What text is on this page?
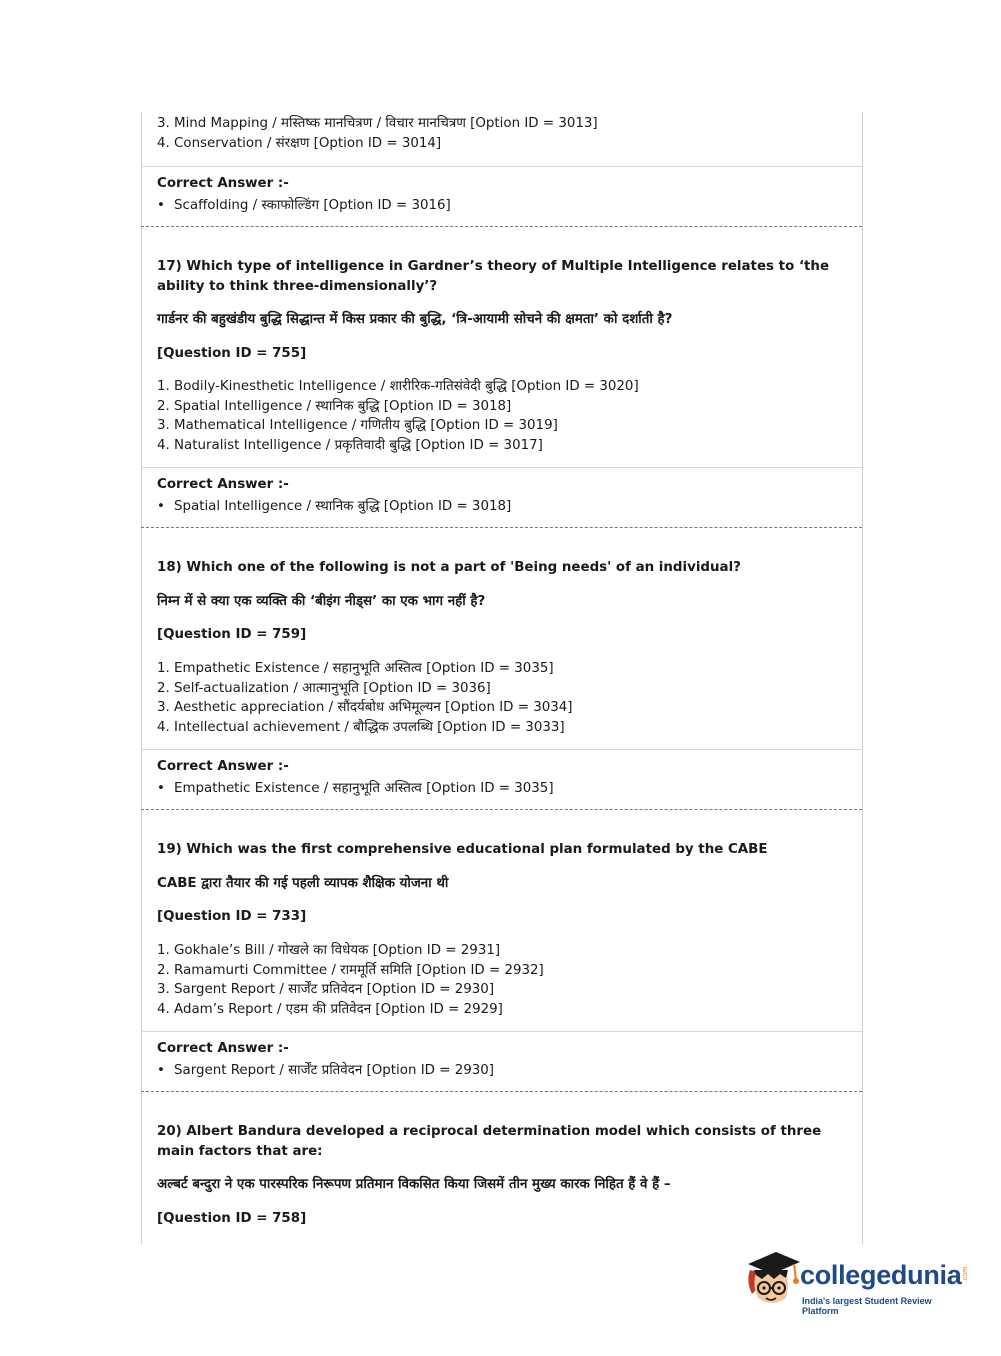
3. Mind Mapping / मस्तिष्क मानचित्रण / विचार मानचित्रण [Option ID = 3013]
4. Conservation / संरक्षण [Option ID = 3014]
Correct Answer :-
• Scaffolding / स्काफोल्डिंग [Option ID = 3016]
17) Which type of intelligence in Gardner’s theory of Multiple Intelligence relates to ‘the ability to think three-dimensionally’?
गार्डनर की बहुखंडीय बुद्धि सिद्धान्त में किस प्रकार की बुद्धि, ‘त्रि-आयामी सोचने की क्षमता’ को दर्शाती है?
[Question ID = 755]
1. Bodily-Kinesthetic Intelligence / शारीरिक-गतिसंवेदी बुद्धि [Option ID = 3020]
2. Spatial Intelligence / स्थानिक बुद्धि [Option ID = 3018]
3. Mathematical Intelligence / गणितीय बुद्धि [Option ID = 3019]
4. Naturalist Intelligence / प्रकृतिवादी बुद्धि [Option ID = 3017]
Correct Answer :-
• Spatial Intelligence / स्थानिक बुद्धि [Option ID = 3018]
18) Which one of the following is not a part of 'Being needs' of an individual?
निम्न में से क्या एक व्यक्ति की ‘बीइंग नीड्स’ का एक भाग नहीं है?
[Question ID = 759]
1. Empathetic Existence / सहानुभूति अस्तित्व [Option ID = 3035]
2. Self-actualization / आत्मानुभूति [Option ID = 3036]
3. Aesthetic appreciation / सौंदर्यबोध अभिमूल्यन [Option ID = 3034]
4. Intellectual achievement / बौद्धिक उपलब्धि [Option ID = 3033]
Correct Answer :-
• Empathetic Existence / सहानुभूति अस्तित्व [Option ID = 3035]
19) Which was the first comprehensive educational plan formulated by the CABE
CABE द्वारा तैयार की गई पहली व्यापक शैक्षिक योजना थी
[Question ID = 733]
1. Gokhale’s Bill / गोखले का विधेयक [Option ID = 2931]
2. Ramamurti Committee / राममूर्ति समिति [Option ID = 2932]
3. Sargent Report / सार्जेंट प्रतिवेदन [Option ID = 2930]
4. Adam’s Report / एडम की प्रतिवेदन [Option ID = 2929]
Correct Answer :-
• Sargent Report / सार्जेंट प्रतिवेदन [Option ID = 2930]
20) Albert Bandura developed a reciprocal determination model which consists of three main factors that are:
अल्बर्ट बन्दुरा ने एक पारस्परिक निरूपण प्रतिमान विकसित किया जिसमें तीन मुख्य कारक निहित हैं वे हैं –
[Question ID = 758]
collegedunia .com
India's largest Student Review Platform
